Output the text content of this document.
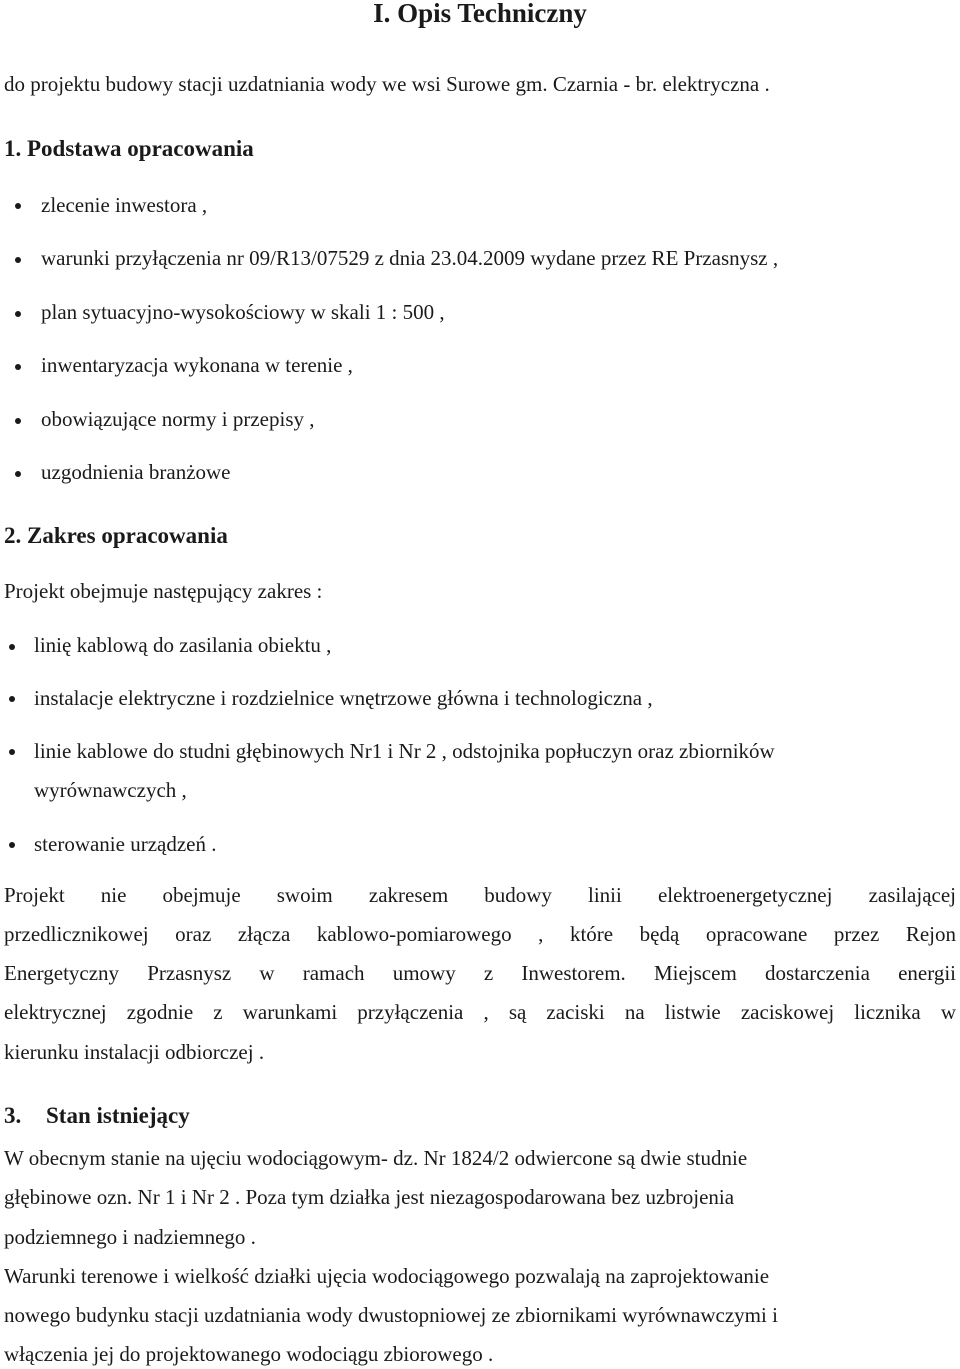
I. Opis Techniczny
do projektu budowy stacji uzdatniania wody we wsi Surowe gm. Czarnia - br. elektryczna .
1. Podstawa opracowania
zlecenie inwestora ,
warunki przyłączenia nr 09/R13/07529 z dnia 23.04.2009 wydane przez RE Przasnysz ,
plan sytuacyjno-wysokościowy w skali 1 : 500 ,
inwentaryzacja wykonana w terenie ,
obowiązujące normy i przepisy ,
uzgodnienia branżowe
2. Zakres opracowania
Projekt obejmuje następujący zakres :
linię kablową do zasilania obiektu ,
instalacje elektryczne i rozdzielnice wnętrzowe główna i technologiczna ,
linie kablowe do studni głębinowych Nr1 i Nr 2 , odstojnika popłuczyn oraz zbiorników
wyrównawczych ,
sterowanie urządzeń .
Projekt nie obejmuje swoim zakresem budowy linii elektroenergetycznej zasilającej
przedlicznikowej oraz złącza kablowo-pomiarowego , które będą opracowane przez Rejon
Energetyczny Przasnysz w ramach umowy z Inwestorem. Miejscem dostarczenia energii
elektrycznej zgodnie z warunkami przyłączenia , są zaciski na listwie zaciskowej licznika w
kierunku instalacji odbiorczej .
3. Stan istniejący
W obecnym stanie na ujęciu wodociągowym- dz. Nr 1824/2 odwiercone są dwie studnie
głębinowe ozn. Nr 1 i Nr 2 . Poza tym działka jest niezagospodarowana bez uzbrojenia
podziemnego i nadziemnego .
Warunki terenowe i wielkość działki ujęcia wodociągowego pozwalają na zaprojektowanie
nowego budynku stacji uzdatniania wody dwustopniowej ze zbiornikami wyrównawczymi i
włączenia jej do projektowanego wodociągu zbiorowego .
